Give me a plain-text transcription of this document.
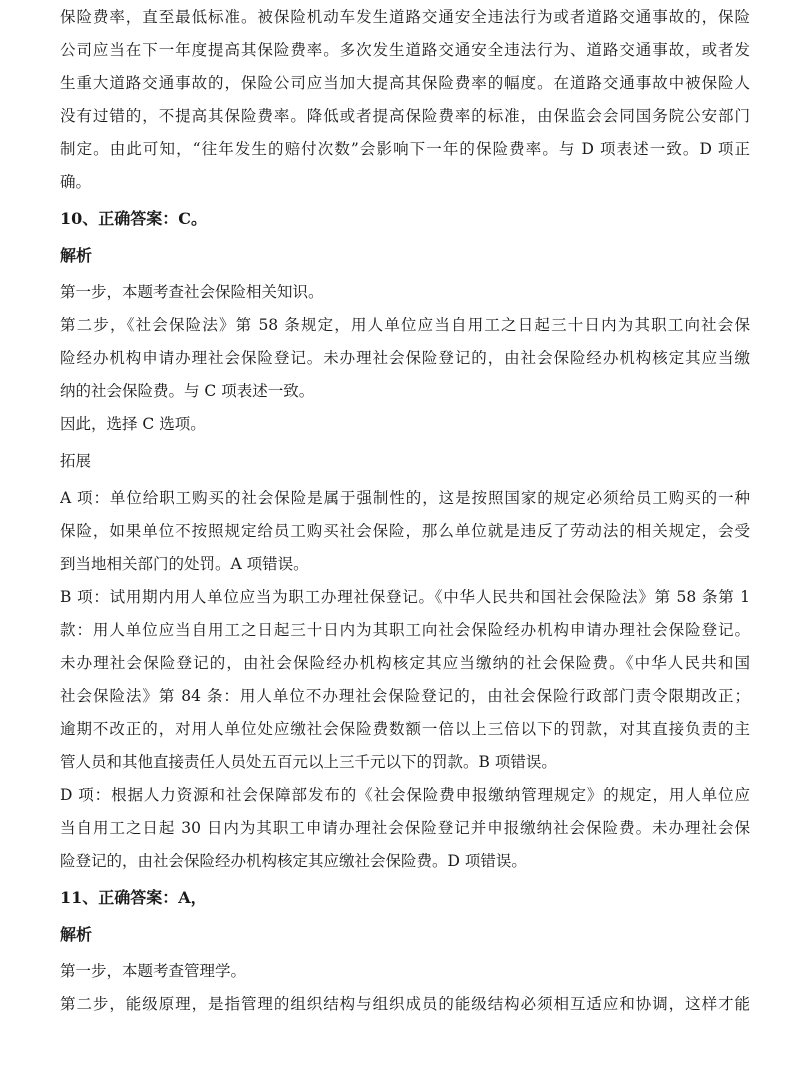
保险费率，直至最低标准。被保险机动车发生道路交通安全违法行为或者道路交通事故的，保险
公司应当在下一年度提高其保险费率。多次发生道路交通安全违法行为、道路交通事故，或者发
生重大道路交通事故的，保险公司应当加大提高其保险费率的幅度。在道路交通事故中被保险人
没有过错的，不提高其保险费率。降低或者提高保险费率的标准，由保监会会同国务院公安部门
制定。由此可知，“往年发生的赔付次数”会影响下一年的保险费率。与 D 项表述一致。D 项正
确。
10、正确答案：C。
解析
第一步，本题考查社会保险相关知识。
第二步，《社会保险法》第 58 条规定，用人单位应当自用工之日起三十日内为其职工向社会保
险经办机构申请办理社会保险登记。未办理社会保险登记的，由社会保险经办机构核定其应当缴
纳的社会保险费。与 C 项表述一致。
因此，选择 C 选项。
拓展
A 项：单位给职工购买的社会保险是属于强制性的，这是按照国家的规定必须给员工购买的一种
保险，如果单位不按照规定给员工购买社会保险，那么单位就是违反了劳动法的相关规定，会受
到当地相关部门的处罚。A 项错误。
B 项：试用期内用人单位应当为职工办理社保登记。《中华人民共和国社会保险法》第 58 条第 1
款：用人单位应当自用工之日起三十日内为其职工向社会保险经办机构申请办理社会保险登记。
未办理社会保险登记的，由社会保险经办机构核定其应当缴纳的社会保险费。《中华人民共和国
社会保险法》第 84 条：用人单位不办理社会保险登记的，由社会保险行政部门责令限期改正；
逾期不改正的，对用人单位处应缴社会保险费数额一倍以上三倍以下的罚款，对其直接负责的主
管人员和其他直接责任人员处五百元以上三千元以下的罚款。B 项错误。
D 项：根据人力资源和社会保障部发布的《社会保险费申报缴纳管理规定》的规定，用人单位应
当自用工之日起 30 日内为其职工申请办理社会保险登记并申报缴纳社会保险费。未办理社会保
险登记的，由社会保险经办机构核定其应缴社会保险费。D 项错误。
11、正确答案：A，
解析
第一步，本题考查管理学。
第二步，能级原理，是指管理的组织结构与组织成员的能级结构必须相互适应和协调，这样才能
